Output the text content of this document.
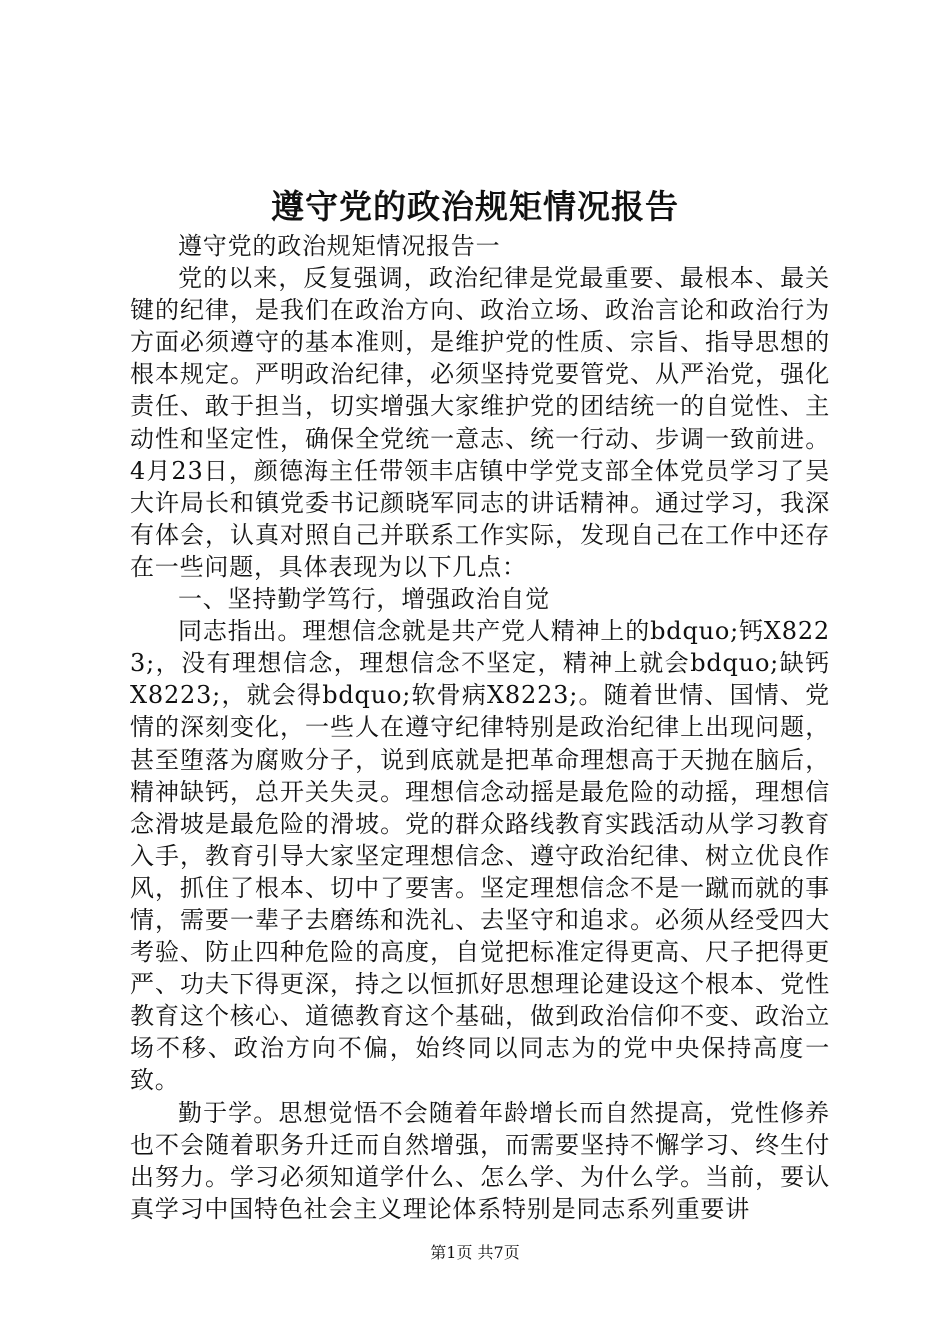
遵守党的政治规矩情况报告

遵守党的政治规矩情况报告一

党的以来，反复强调，政治纪律是党最重要、最根本、最关键的纪律，是我们在政治方向、政治立场、政治言论和政治行为方面必须遵守的基本准则，是维护党的性质、宗旨、指导思想的根本规定。严明政治纪律，必须坚持党要管党、从严治党，强化责任、敢于担当，切实增强大家维护党的团结统一的自觉性、主动性和坚定性，确保全党统一意志、统一行动、步调一致前进。4月23日，颜德海主任带领丰店镇中学党支部全体党员学习了吴大许局长和镇党委书记颜晓军同志的讲话精神。通过学习，我深有体会，认真对照自己并联系工作实际，发现自己在工作中还存在一些问题，具体表现为以下几点：

一、坚持勤学笃行，增强政治自觉

同志指出。理想信念就是共产党人精神上的bdquo;钙X8223;，没有理想信念，理想信念不坚定，精神上就会bdquo;缺钙X8223;，就会得bdquo;软骨病X8223;。随着世情、国情、党情的深刻变化，一些人在遵守纪律特别是政治纪律上出现问题，甚至堕落为腐败分子，说到底就是把革命理想高于天抛在脑后，精神缺钙，总开关失灵。理想信念动摇是最危险的动摇，理想信念滑坡是最危险的滑坡。党的群众路线教育实践活动从学习教育入手，教育引导大家坚定理想信念、遵守政治纪律、树立优良作风，抓住了根本、切中了要害。坚定理想信念不是一蹴而就的事情，需要一辈子去磨练和洗礼、去坚守和追求。必须从经受四大考验、防止四种危险的高度，自觉把标准定得更高、尺子把得更严、功夫下得更深，持之以恒抓好思想理论建设这个根本、党性教育这个核心、道德教育这个基础，做到政治信仰不变、政治立场不移、政治方向不偏，始终同以同志为的党中央保持高度一致。

勤于学。思想觉悟不会随着年龄增长而自然提高，党性修养也不会随着职务升迁而自然增强，而需要坚持不懈学习、终生付出努力。学习必须知道学什么、怎么学、为什么学。当前，要认真学习中国特色社会主义理论体系特别是同志系列重要讲

第1页 共7页
